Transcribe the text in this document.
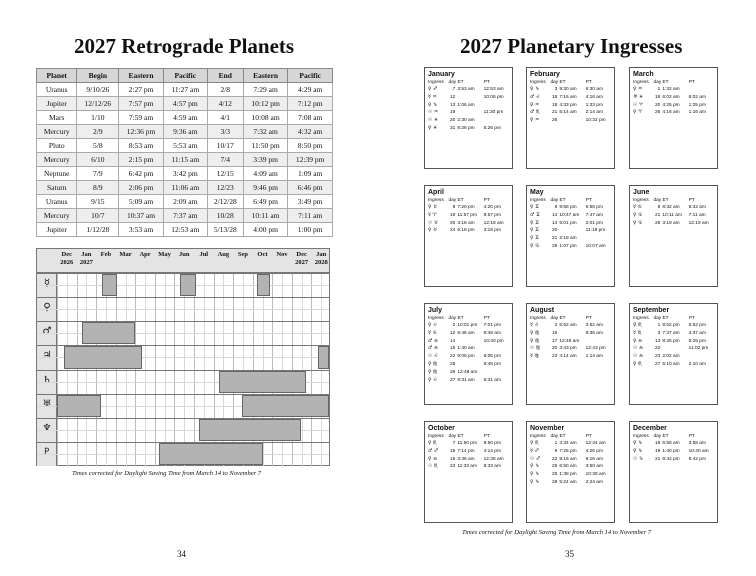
2027 Retrograde Planets
Planet	Begin	Eastern	Pacific	End	Eastern	Pacific
Uranus	9/10/26	2:27 pm	11:27 am	2/8	7:29 am	4:29 am
Jupiter	12/12/26	7:57 pm	4:57 pm	4/12	10:12 pm	7:12 pm
Mars	1/10	7:59 am	4:59 am	4/1	10:08 am	7:08 am
Mercury	2/9	12:36 pm	9:36 am	3/3	7:32 am	4:32 am
Pluto	5/8	8:53 am	5:53 am	10/17	11:50 pm	8:50 pm
Mercury	6/10	2:15 pm	11:15 am	7/4	3:39 pm	12:39 pm
Neptune	7/9	6:42 pm	3:42 pm	12/15	4:09 am	1:09 am
Saturn	8/9	2:06 pm	11:06 am	12/23	9:46 pm	6:46 pm
Uranus	9/15	5:09 am	2:09 am	2/12/28	6:49 pm	3:49 pm
Mercury	10/7	10:37 am	7:37 am	10/28	10:11 am	7:11 am
Jupiter	1/12/28	3:53 am	12:53 am	5/13/28	4:00 pm	1:00 pm
Dec
2026
Jan
2027
Feb	Mar	Apr	May	Jun	Jul	Aug	Sep	Oct	Nov	Dec
2027
Jan
2028
☿
♀
♂
♃
♄
♅
♆
♇
Times corrected for Daylight Saving Time from March 14 to November 7
34
2027 Planetary Ingresses
January
Ingress day ET	PT
♀ ♐	7 3:53 am	12:53 am
☿ ♒	12	10:06 pm
♀ ♑	13 1:06 am
☉ ♒	19	11:30 pm
☉ ♓	20 2:30 am
♀ ♓	31 8:26 pm	5:26 pm
February
Ingress day ET	PT
♀ ♑	3 9:30 am	6:30 am
♂ ♌	18 7:16 am	4:16 am
♀ ♒	18 4:33 pm	1:33 pm
♂ ♏	21 5:14 am	2:14 am
♀ ♒	26	10:32 pm
March
Ingress day ET	PT
♀ ♒	1 1:32 am
♅ ♓	18 6:02 am	6:02 am
☉ ♈	20 4:25 pm	1:25 pm
♀ ♈	26 4:16 am	1:16 am
April
Ingress day ET	PT
♀ ♉	8 7:20 pm	4:20 pm
☿ ♈	19 11:57 pm	8:57 pm
☉ ♉	20 3:18 am	12:18 am
♀ ♉	24 6:18 pm	3:18 pm
May
Ingress day ET	PT
♀ ♊	8 9:58 pm	6:58 pm
♂ ♊	14 10:47 am	7:47 am
♀ ♊	14 5:01 pm	2:01 pm
♀ ♊	20	11:18 pm
♀ ♊	21 2:18 am
♀ ♋	28 1:07 pm	10:07 am
June
Ingress day ET	PT
☿ ♋	8 8:32 am	5:32 am
♀ ♋	21 10:11 am	7:11 am
♀ ♋	26 3:19 am	12:19 am
July
Ingress day ET	PT
♀ ♌	2 10:01 pm	7:01 pm
☿ ♋	12 9:48 am	6:48 am
♂ ♎	14	10:40 pm
♂ ♎	15 1:40 am
☉ ♌	22 9:05 pm	6:05 pm
♀ ♍	25	9:48 pm
♀ ♍	26 12:48 am
♀ ♌	27 8:31 am	5:31 am
August
Ingress day ET	PT
☿ ♌	2 6:52 am	3:52 am
♀ ♍	16	9:36 am
♀ ♍	17 12:49 am
☉ ♍	20 3:43 pm	12:43 pm
☿ ♍	23 4:14 am	1:14 am
September
Ingress day ET	PT
♀ ♏	1 9:52 pm	6:52 pm
☿ ♏	3 7:37 am	4:37 am
♀ ♎	13 8:25 pm	5:25 pm
☉ ♎	22	11:02 pm
☉ ♎	23 2:02 am
♀ ♏	27 5:10 am	2:10 am
October
Ingress day ET	PT
♀ ♏	7 11:50 pm	8:50 pm
♂ ♐	15 7:14 pm	4:14 pm
♀ ♎	16 3:36 am	12:36 am
☉ ♏	23 11:33 am	8:33 am
November
Ingress day ET	PT
♀ ♏	1 3:34 am	12:34 am
☿ ♐	9 7:26 pm	4:26 pm
☉ ♐	22 9:16 am	6:16 am
♀ ♑	25 6:50 am	3:50 am
♀ ♑	25 1:38 pm	10:38 am
♀ ♑	29 5:24 am	2:24 am
December
Ingress day ET	PT
♀ ♑	18 6:58 am	3:58 am
♀ ♑	19 1:40 pm	10:40 am
☉ ♑	21 9:42 pm	6:42 pm
Times corrected for Daylight Saving Time from March 14 to November 7
35
